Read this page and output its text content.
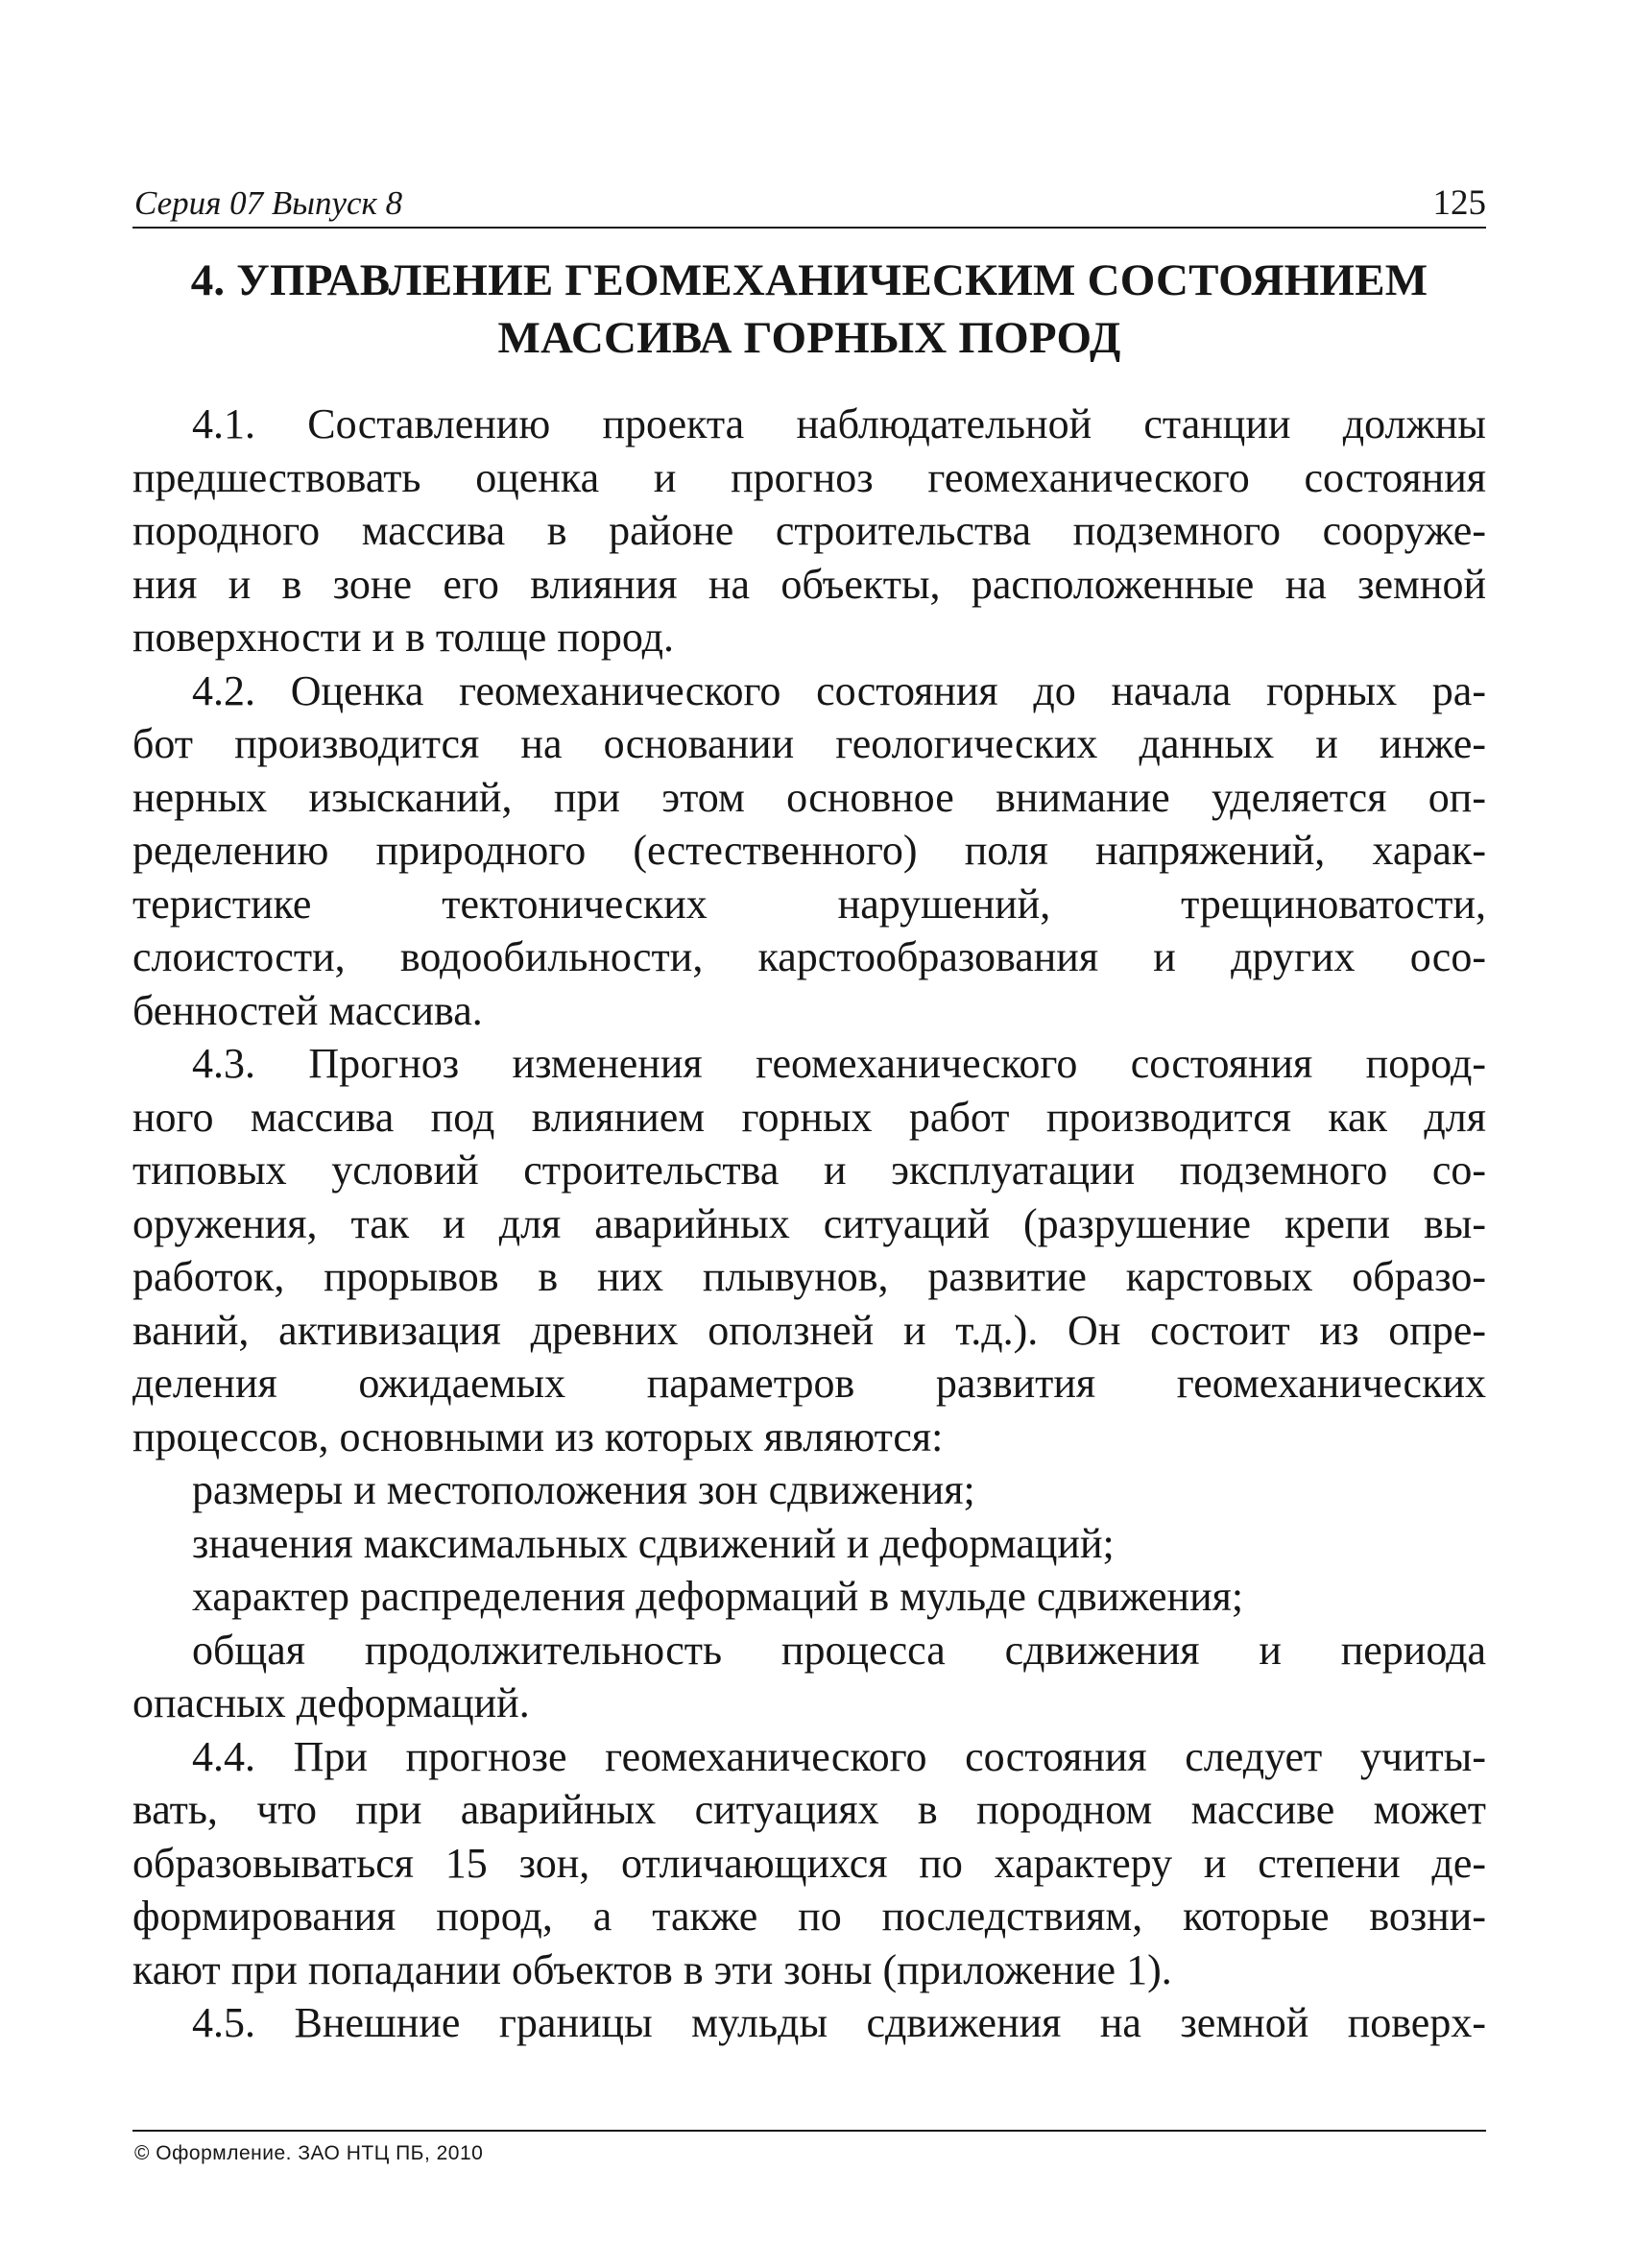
Серия 07 Выпуск 8	125
4. УПРАВЛЕНИЕ ГЕОМЕХАНИЧЕСКИМ СОСТОЯНИЕМ
МАССИВА ГОРНЫХ ПОРОД
4.1. Составлению проекта наблюдательной станции должны
предшествовать оценка и прогноз геомеханического состояния
породного массива в районе строительства подземного сооруже-
ния и в зоне его влияния на объекты, расположенные на земной
поверхности и в толще пород.
4.2. Оценка геомеханического состояния до начала горных ра-
бот производится на основании геологических данных и инже-
нерных изысканий, при этом основное внимание уделяется оп-
ределению природного (естественного) поля напряжений, харак-
теристике тектонических нарушений, трещиноватости,
слоистости, водообильности, карстообразования и других осо-
бенностей массива.
4.3. Прогноз изменения геомеханического состояния пород-
ного массива под влиянием горных работ производится как для
типовых условий строительства и эксплуатации подземного со-
оружения, так и для аварийных ситуаций (разрушение крепи вы-
работок, прорывов в них плывунов, развитие карстовых образо-
ваний, активизация древних оползней и т.д.). Он состоит из опре-
деления ожидаемых параметров развития геомеханических
процессов, основными из которых являются:
размеры и местоположения зон сдвижения;
значения максимальных сдвижений и деформаций;
характер распределения деформаций в мульде сдвижения;
общая продолжительность процесса сдвижения и периода
опасных деформаций.
4.4. При прогнозе геомеханического состояния следует учиты-
вать, что при аварийных ситуациях в породном массиве может
образовываться 15 зон, отличающихся по характеру и степени де-
формирования пород, а также по последствиям, которые возни-
кают при попадании объектов в эти зоны (приложение 1).
4.5. Внешние границы мульды сдвижения на земной поверх-
© Оформление. ЗАО НТЦ ПБ, 2010
